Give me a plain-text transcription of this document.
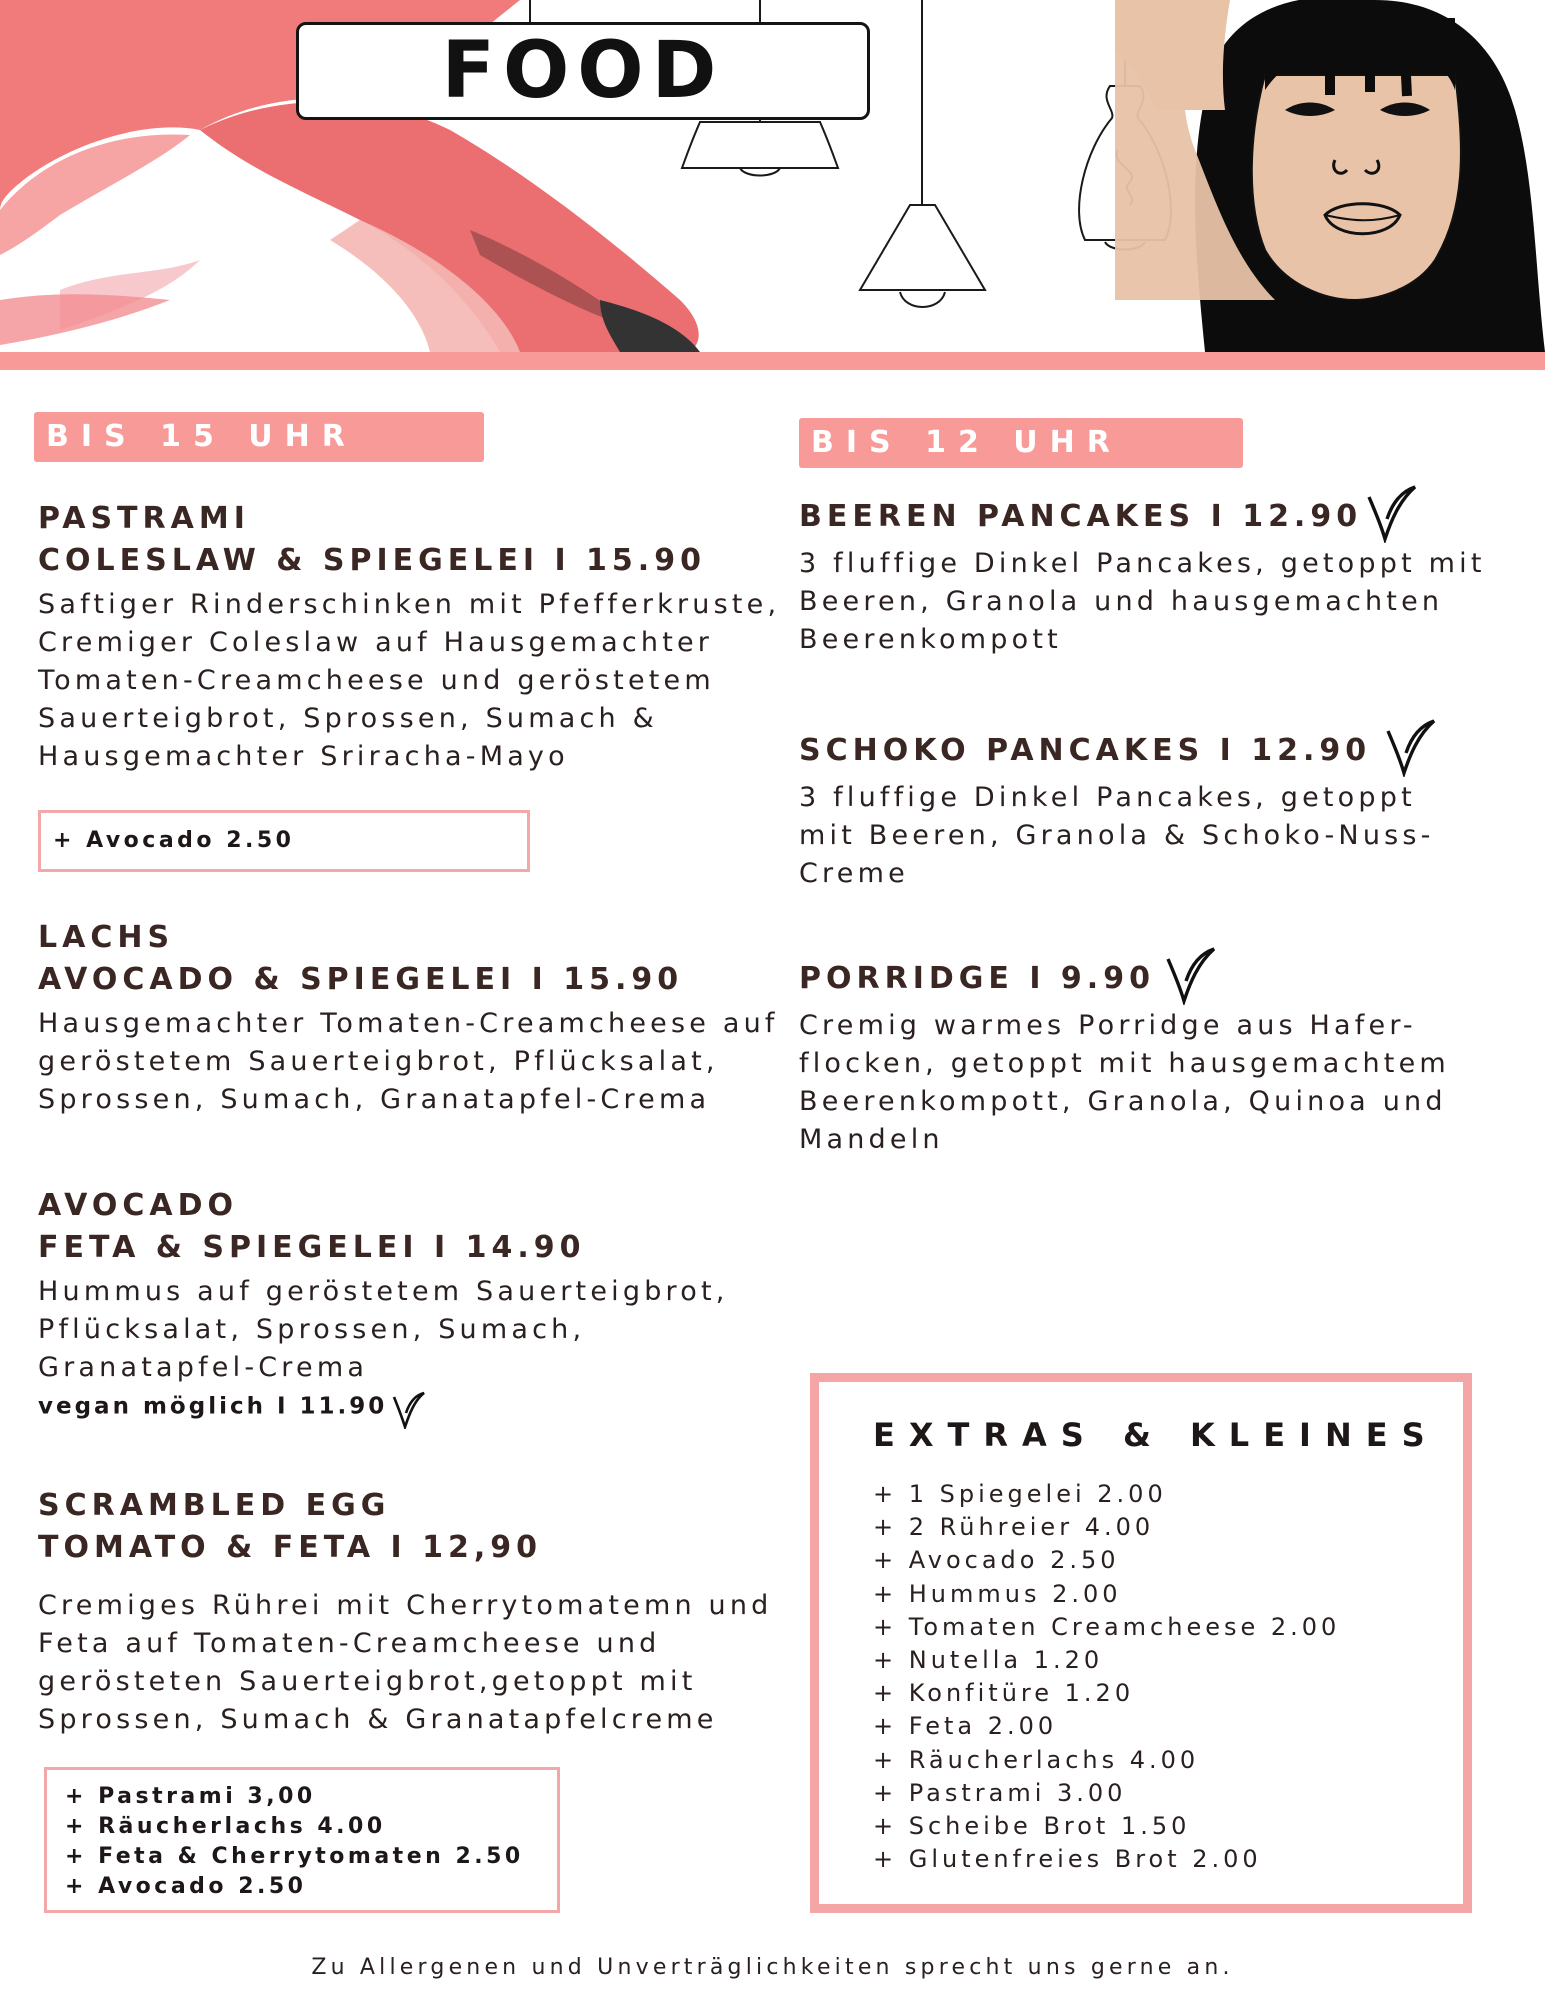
FOOD
BIS 15 UHR
PASTRAMI
COLESLAW & SPIEGELEI I 15.90
Saftiger Rinderschinken mit Pfefferkruste,
Cremiger Coleslaw auf Hausgemachter
Tomaten-Creamcheese und geröstetem
Sauerteigbrot, Sprossen, Sumach &
Hausgemachter Sriracha-Mayo
+ Avocado 2.50
LACHS
AVOCADO & SPIEGELEI I 15.90
Hausgemachter Tomaten-Creamcheese auf
geröstetem Sauerteigbrot, Pflücksalat,
Sprossen, Sumach, Granatapfel-Crema
AVOCADO
FETA & SPIEGELEI I 14.90
Hummus auf geröstetem Sauerteigbrot,
Pflücksalat, Sprossen, Sumach,
Granatapfel-Crema
vegan möglich I 11.90
SCRAMBLED EGG
TOMATO & FETA I 12,90
Cremiges Rührei mit Cherrytomatemn und
Feta auf Tomaten-Creamcheese und
gerösteten Sauerteigbrot,getoppt mit
Sprossen, Sumach & Granatapfelcreme
+ Pastrami 3,00
+ Räucherlachs 4.00
+ Feta & Cherrytomaten 2.50
+ Avocado 2.50
BIS 12 UHR
BEEREN PANCAKES I 12.90
3 fluffige Dinkel Pancakes, getoppt mit
Beeren, Granola und hausgemachten
Beerenkompott
SCHOKO PANCAKES I 12.90
3 fluffige Dinkel Pancakes, getoppt
mit Beeren, Granola & Schoko-Nuss-
Creme
PORRIDGE I 9.90
Cremig warmes Porridge aus Hafer-
flocken, getoppt mit hausgemachtem
Beerenkompott, Granola, Quinoa und
Mandeln
EXTRAS & KLEINES
+ 1 Spiegelei 2.00
+ 2 Rühreier 4.00
+ Avocado 2.50
+ Hummus 2.00
+ Tomaten Creamcheese 2.00
+ Nutella 1.20
+ Konfitüre 1.20
+ Feta 2.00
+ Räucherlachs 4.00
+ Pastrami 3.00
+ Scheibe Brot 1.50
+ Glutenfreies Brot 2.00
Zu Allergenen und Unverträglichkeiten sprecht uns gerne an.
